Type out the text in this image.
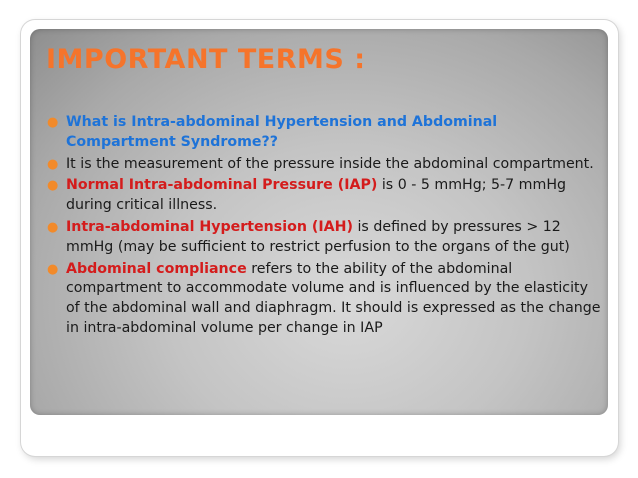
IMPORTANT TERMS :
● What is Intra-abdominal Hypertension and Abdominal Compartment Syndrome??
● It is the measurement of the pressure inside the abdominal compartment.
● Normal Intra-abdominal Pressure (IAP) is 0 - 5 mmHg; 5-7 mmHg during critical illness.
● Intra-abdominal Hypertension (IAH) is defined by pressures > 12 mmHg (may be sufficient to restrict perfusion to the organs of the gut)
● Abdominal compliance refers to the ability of the abdominal compartment to accommodate volume and is influenced by the elasticity of the abdominal wall and diaphragm. It should is expressed as the change in intra-abdominal volume per change in IAP
